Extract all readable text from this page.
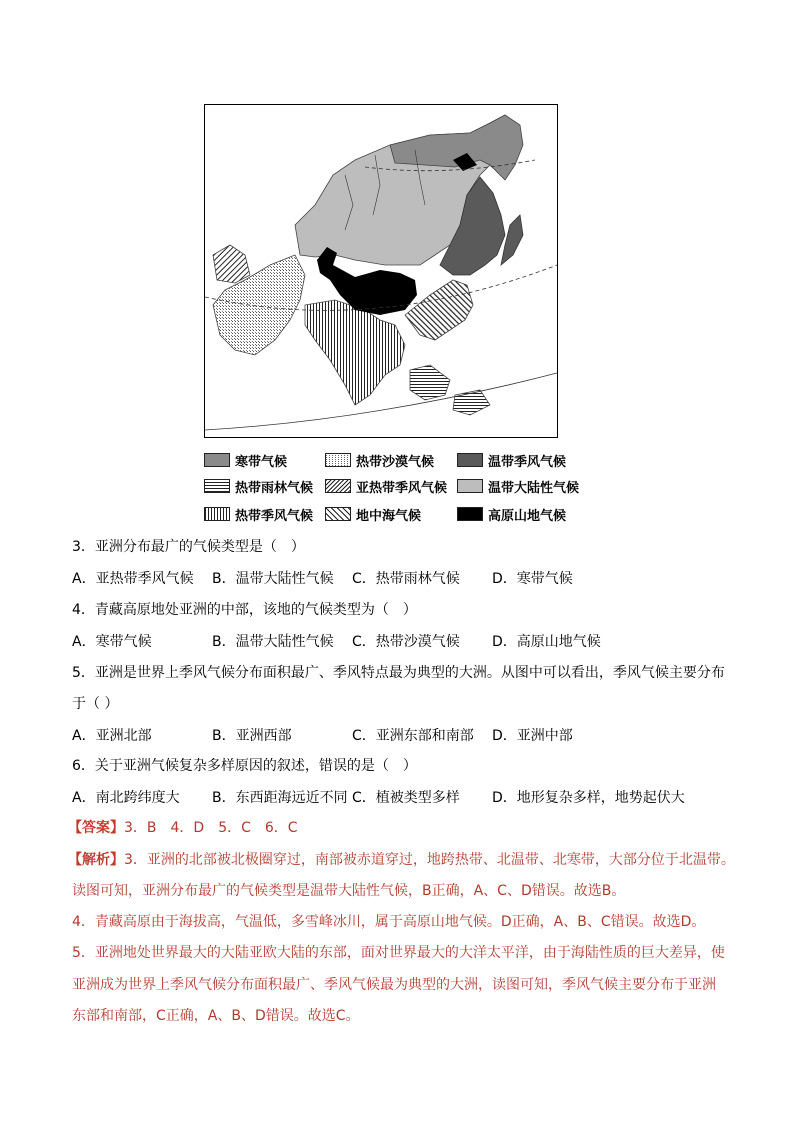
寒带气候	热带沙漠气候	温带季风气候
热带雨林气候	亚热带季风气候	温带大陆性气候
热带季风气候	地中海气候	高原山地气候
3．亚洲分布最广的气候类型是（　）
A．亚热带季风气候 B．温带大陆性气候 C．热带雨林气候 D．寒带气候
4．青藏高原地处亚洲的中部，该地的气候类型为（　）
A．寒带气候	B．温带大陆性气候 C．热带沙漠气候 D．高原山地气候
5．亚洲是世界上季风气候分布面积最广、季风特点最为典型的大洲。从图中可以看出，季风气候主要分布
于（ ）
A．亚洲北部	B．亚洲西部	C．亚洲东部和南部 D．亚洲中部
6．关于亚洲气候复杂多样原因的叙述，错误的是（　）
A．南北跨纬度大 B．东西距海远近不同 C．植被类型多样 D．地形复杂多样，地势起伏大
【答案】3．B　4．D　5．C　6．C
【解析】3．亚洲的北部被北极圈穿过，南部被赤道穿过，地跨热带、北温带、北寒带，大部分位于北温带。
读图可知，亚洲分布最广的气候类型是温带大陆性气候，B正确，A、C、D错误。故选B。
4．青藏高原由于海拔高，气温低，多雪峰冰川，属于高原山地气候。D正确，A、B、C错误。故选D。
5．亚洲地处世界最大的大陆亚欧大陆的东部，面对世界最大的大洋太平洋，由于海陆性质的巨大差异，使
亚洲成为世界上季风气候分布面积最广、季风气候最为典型的大洲，读图可知，季风气候主要分布于亚洲
东部和南部，C正确，A、B、D错误。故选C。
